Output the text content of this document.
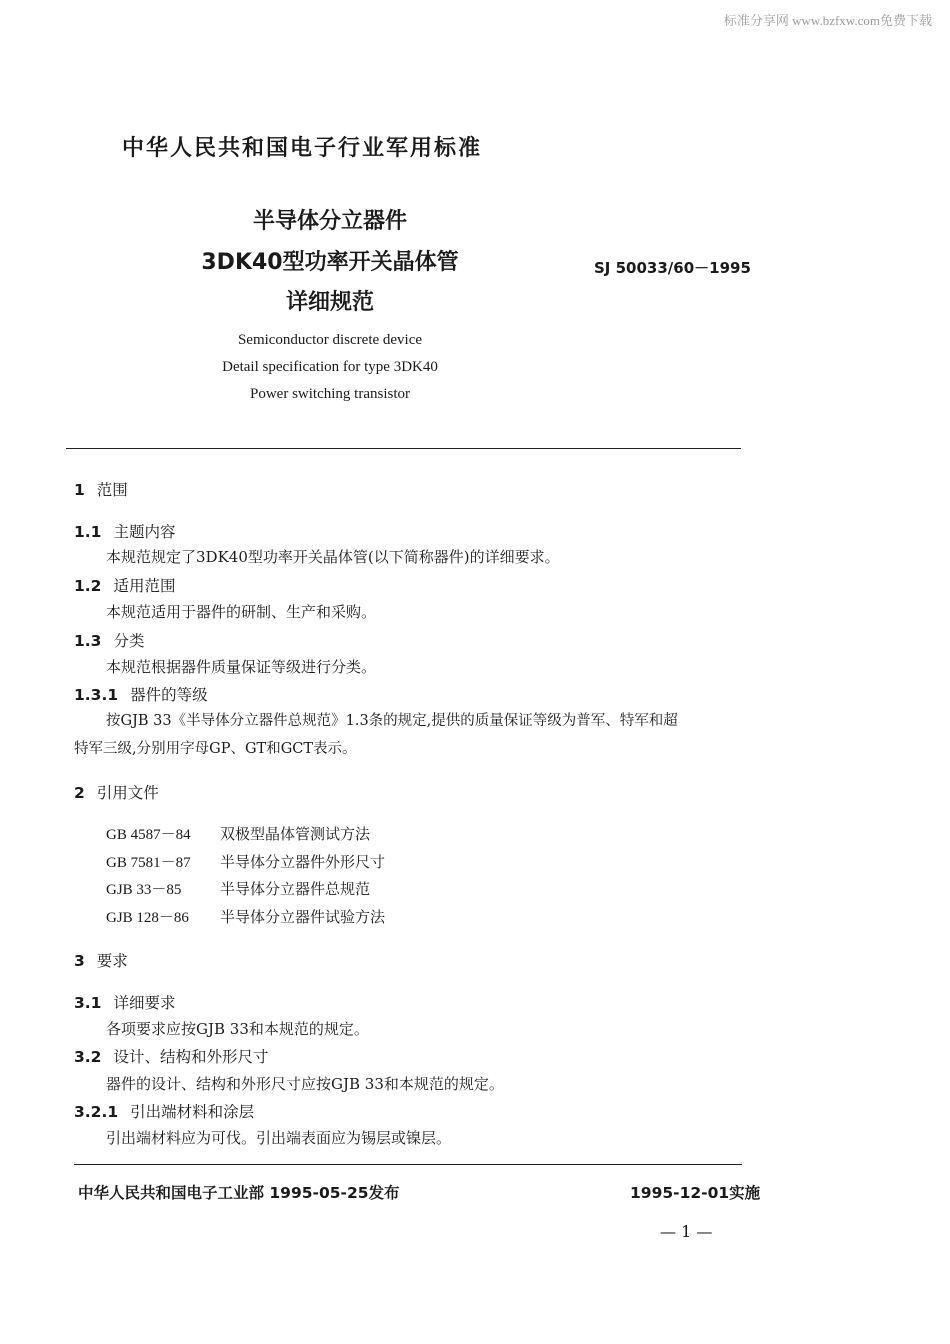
标准分享网 www.bzfxw.com免费下载
中华人民共和国电子行业军用标准
半导体分立器件
3DK40型功率开关晶体管
详细规范
SJ 50033/60－1995
Semiconductor discrete device
Detail specification for type 3DK40
Power switching transistor
1 范围
1.1 主题内容
本规范规定了3DK40型功率开关晶体管(以下简称器件)的详细要求。
1.2 适用范围
本规范适用于器件的研制、生产和采购。
1.3 分类
本规范根据器件质量保证等级进行分类。
1.3.1 器件的等级
按GJB 33《半导体分立器件总规范》1.3条的规定,提供的质量保证等级为普军、特军和超
特军三级,分别用字母GP、GT和GCT表示。
2 引用文件
GB 4587－84 双极型晶体管测试方法
GB 7581－87 半导体分立器件外形尺寸
GJB 33－85	半导体分立器件总规范
GJB 128－86 半导体分立器件试验方法
3 要求
3.1 详细要求
各项要求应按GJB 33和本规范的规定。
3.2 设计、结构和外形尺寸
器件的设计、结构和外形尺寸应按GJB 33和本规范的规定。
3.2.1 引出端材料和涂层
引出端材料应为可伐。引出端表面应为锡层或镍层。
中华人民共和国电子工业部 1995-05-25发布	1995-12-01实施
— 1 —
